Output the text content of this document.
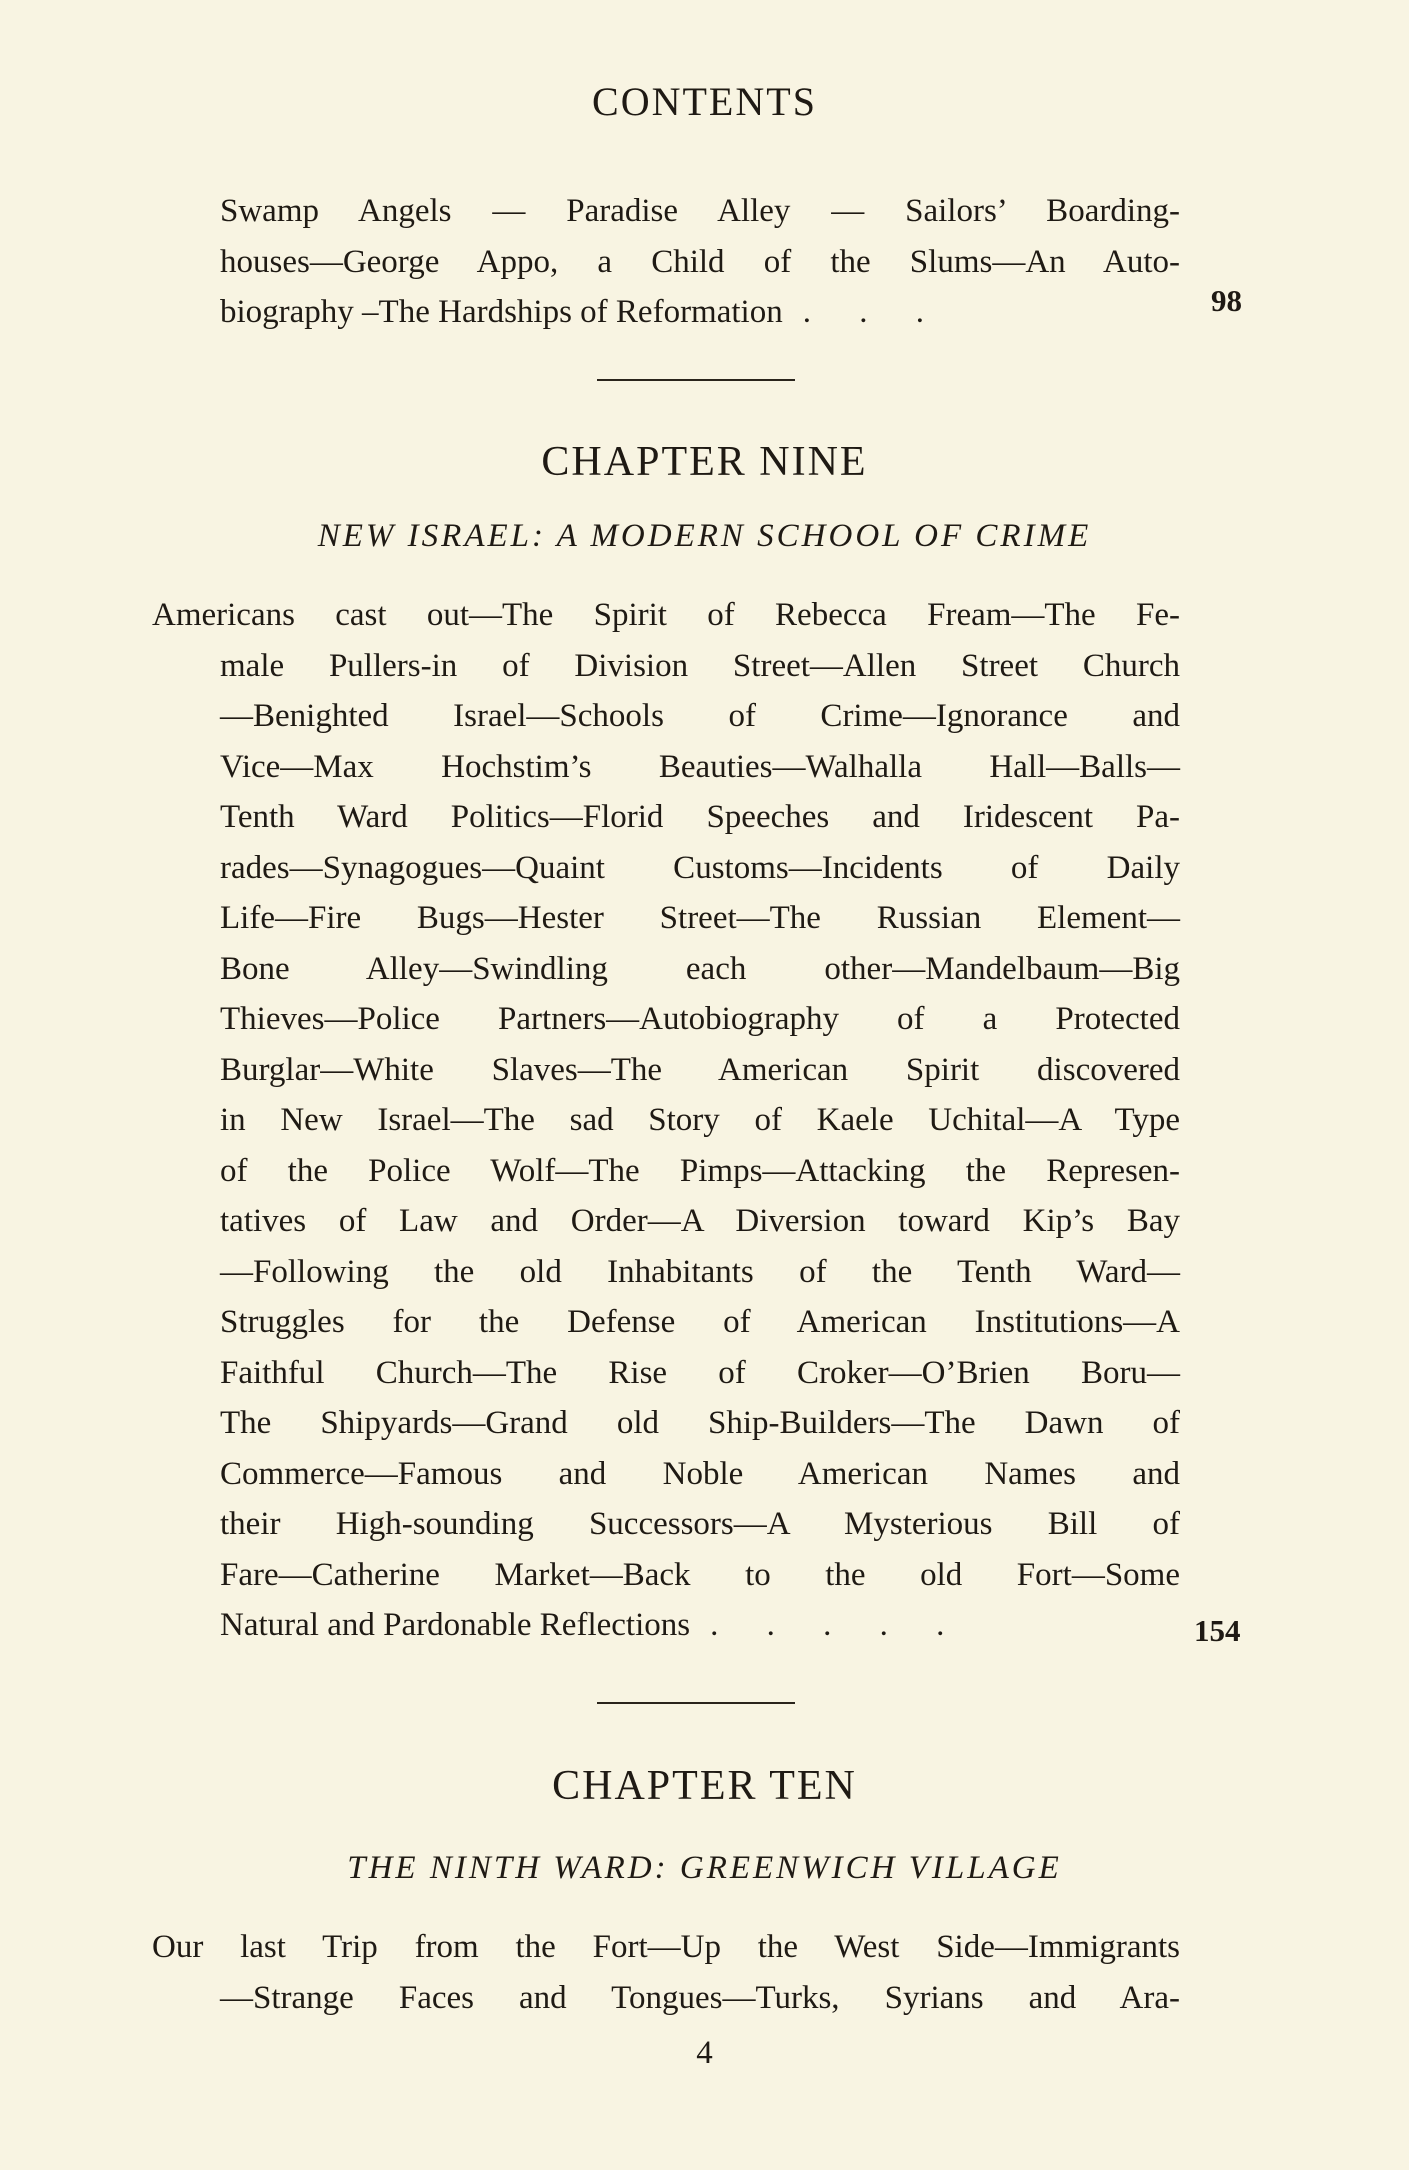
CONTENTS
Swamp Angels — Paradise Alley — Sailors’ Boarding-
houses—George Appo, a Child of the Slums—An Auto-
biography –The Hardships of Reformation . . .	98
CHAPTER NINE
NEW ISRAEL: A MODERN SCHOOL OF CRIME
Americans cast out—The Spirit of Rebecca Fream—The Fe-
male Pullers-in of Division Street—Allen Street Church
—Benighted Israel—Schools of Crime—Ignorance and
Vice—Max Hochstim’s Beauties—Walhalla Hall—Balls—
Tenth Ward Politics—Florid Speeches and Iridescent Pa-
rades—Synagogues—Quaint Customs—Incidents of Daily
Life—Fire Bugs—Hester Street—The Russian Element—
Bone Alley—Swindling each other—Mandelbaum—Big
Thieves—Police Partners—Autobiography of a Protected
Burglar—White Slaves—The American Spirit discovered
in New Israel—The sad Story of Kaele Uchital—A Type
of the Police Wolf—The Pimps—Attacking the Represen-
tatives of Law and Order—A Diversion toward Kip’s Bay
—Following the old Inhabitants of the Tenth Ward—
Struggles for the Defense of American Institutions—A
Faithful Church—The Rise of Croker—O’Brien Boru—
The Shipyards—Grand old Ship-Builders—The Dawn of
Commerce—Famous and Noble American Names and
their High-sounding Successors—A Mysterious Bill of
Fare—Catherine Market—Back to the old Fort—Some
Natural and Pardonable Reflections . . . . .	154
CHAPTER TEN
THE NINTH WARD: GREENWICH VILLAGE
Our last Trip from the Fort—Up the West Side—Immigrants
—Strange Faces and Tongues—Turks, Syrians and Ara-
4
